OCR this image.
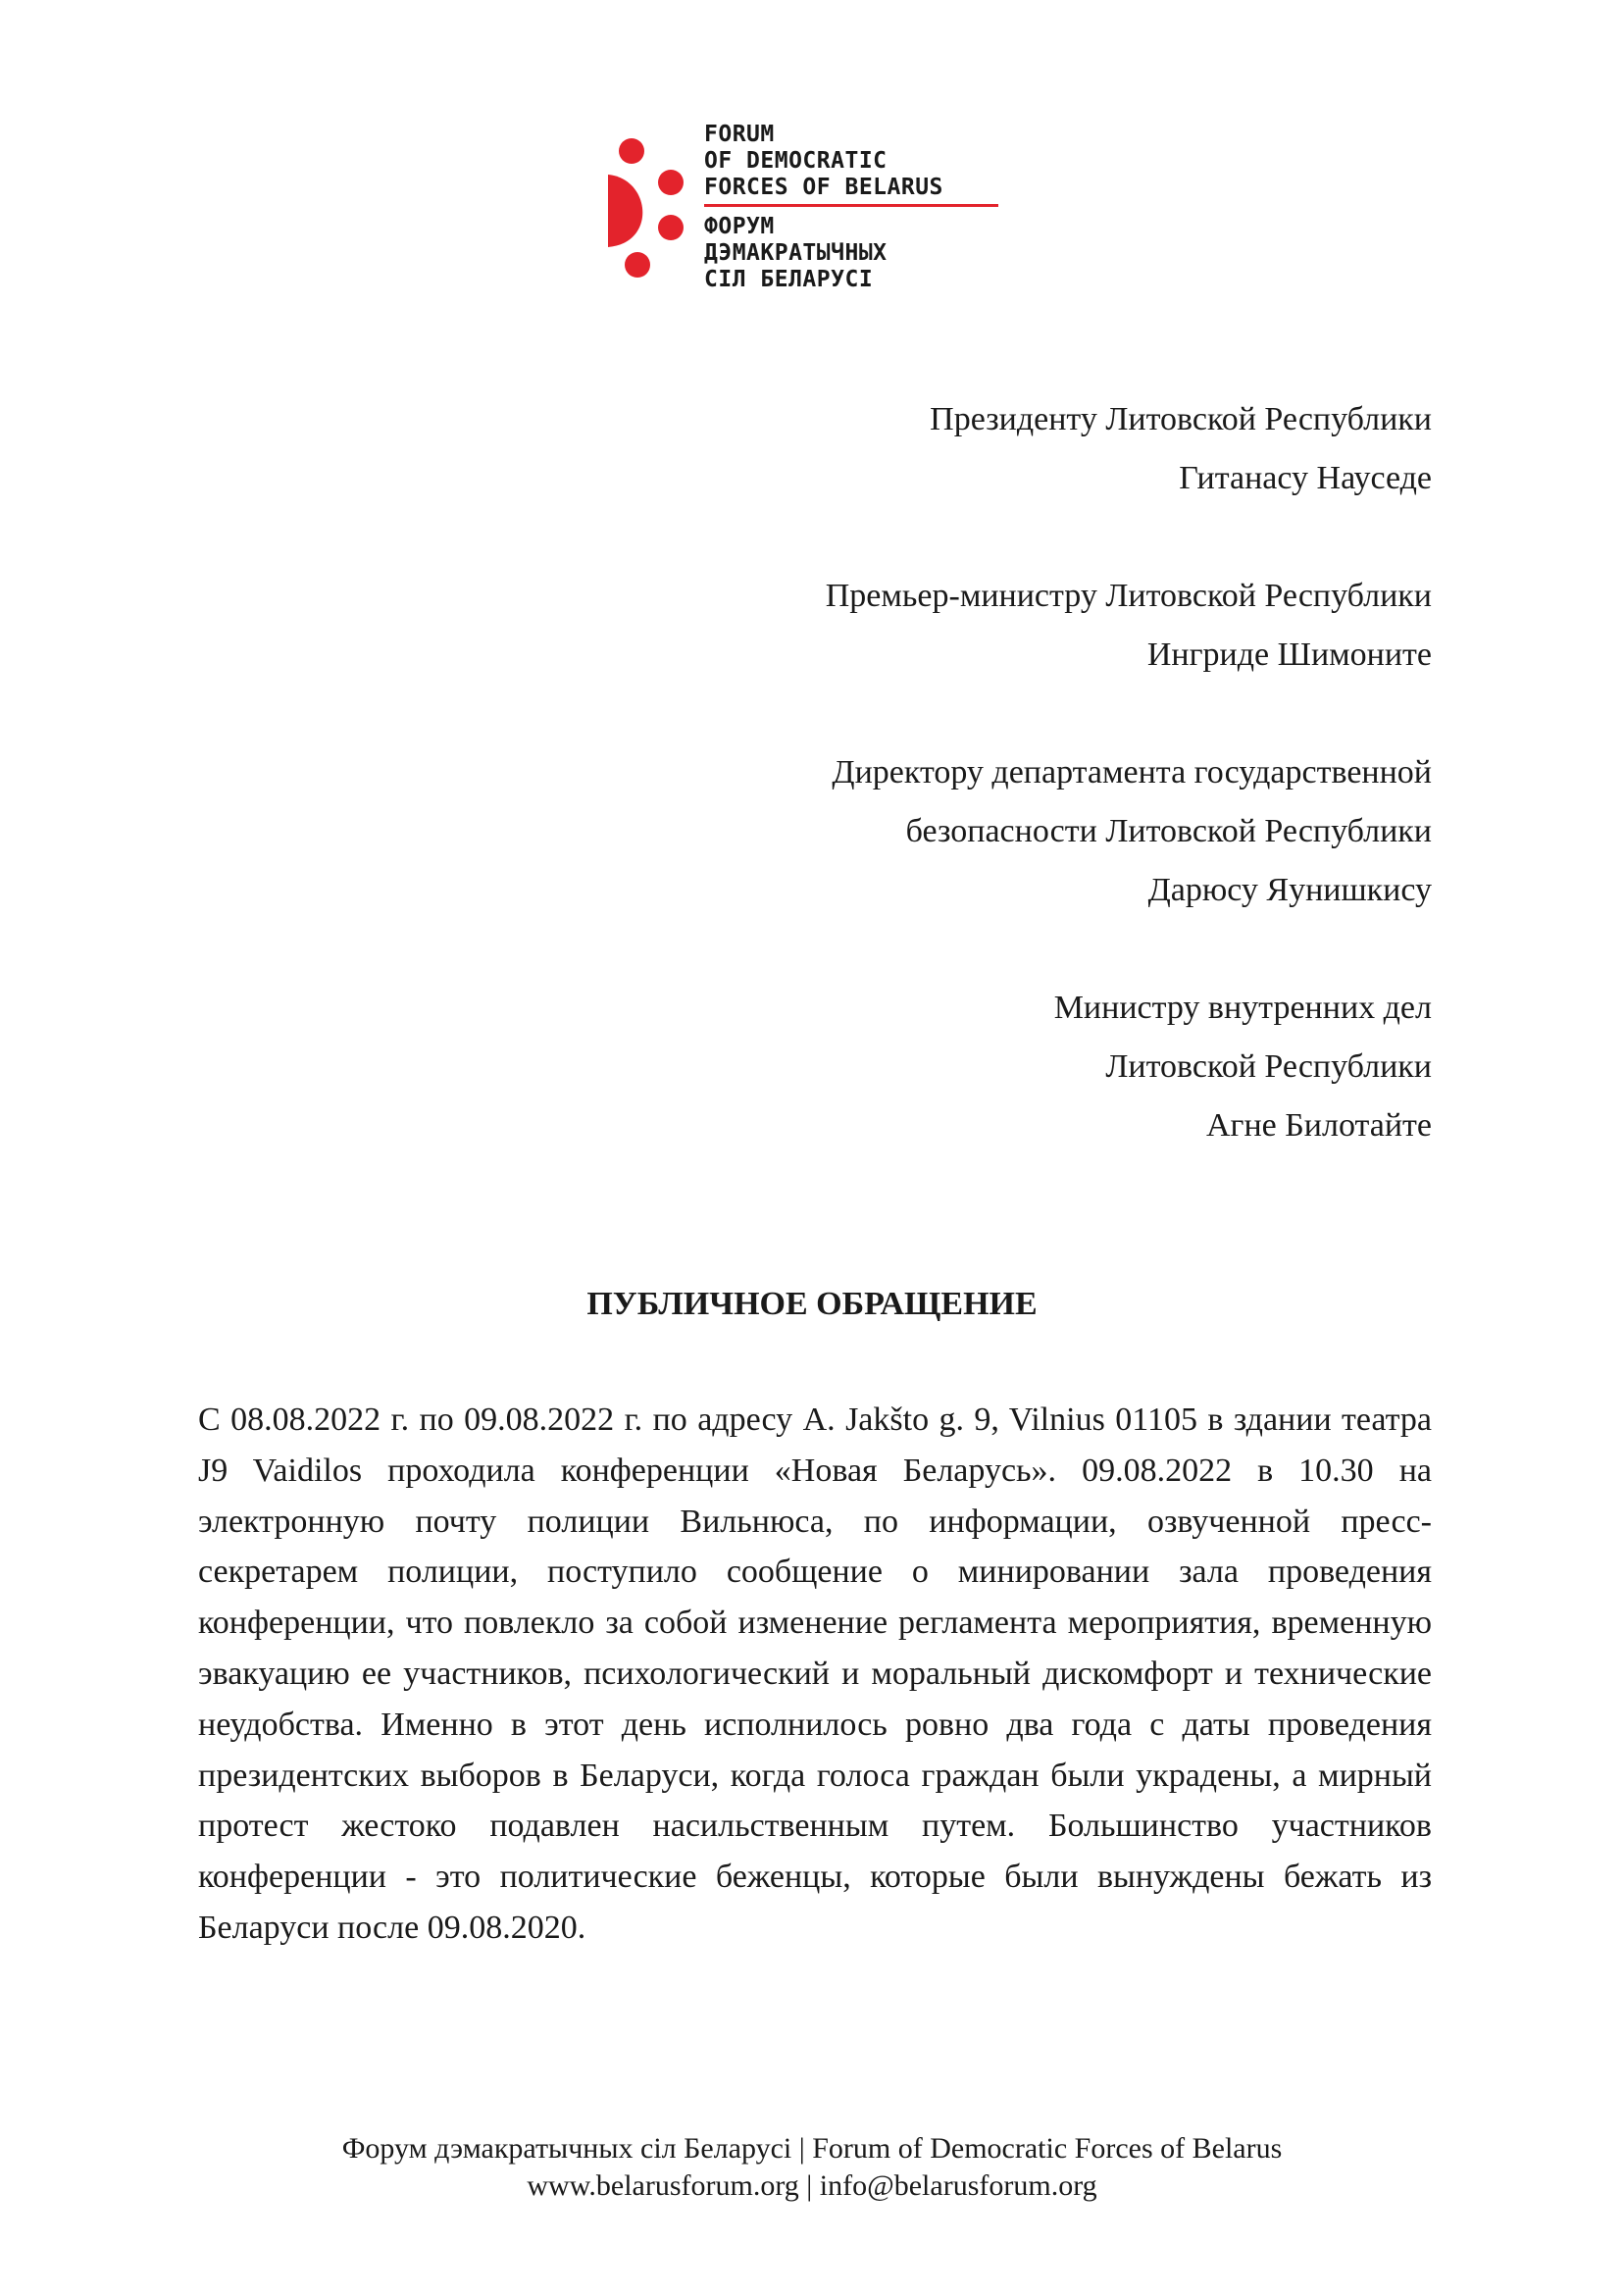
FORUM
OF DEMOCRATIC
FORCES OF BELARUS
ФОРУМ
ДЭМАКРАТЫЧНЫХ
СІЛ БЕЛАРУСІ
Президенту Литовской Республики
Гитанасу Науседе
Премьер-министру Литовской Республики
Ингриде Шимоните
Директору департамента государственной
безопасности Литовской Республики
Дарюсу Яунишкису
Министру внутренних дел
Литовской Республики
Агне Билотайте
ПУБЛИЧНОЕ ОБРАЩЕНИЕ

С 08.08.2022 г. по 09.08.2022 г. по адресу A. Jakšto g. 9, Vilnius 01105 в здании театра J9 Vaidilos проходила конференции «Новая Беларусь». 09.08.2022 в 10.30 на электронную почту полиции Вильнюса, по информации, озвученной пресс-секретарем полиции, поступило сообщение о минировании зала проведения конференции, что повлекло за собой изменение регламента мероприятия, временную эвакуацию ее участников, психологический и моральный дискомфорт и технические неудобства. Именно в этот день исполнилось ровно два года с даты проведения президентских выборов в Беларуси, когда голоса граждан были украдены, а мирный протест жестоко подавлен насильственным путем. Большинство участников конференции - это политические беженцы, которые были вынуждены бежать из Беларуси после 09.08.2020.

Форум дэмакратычных сіл Беларусі | Forum of Democratic Forces of Belarus
www.belarusforum.org | info@belarusforum.org
